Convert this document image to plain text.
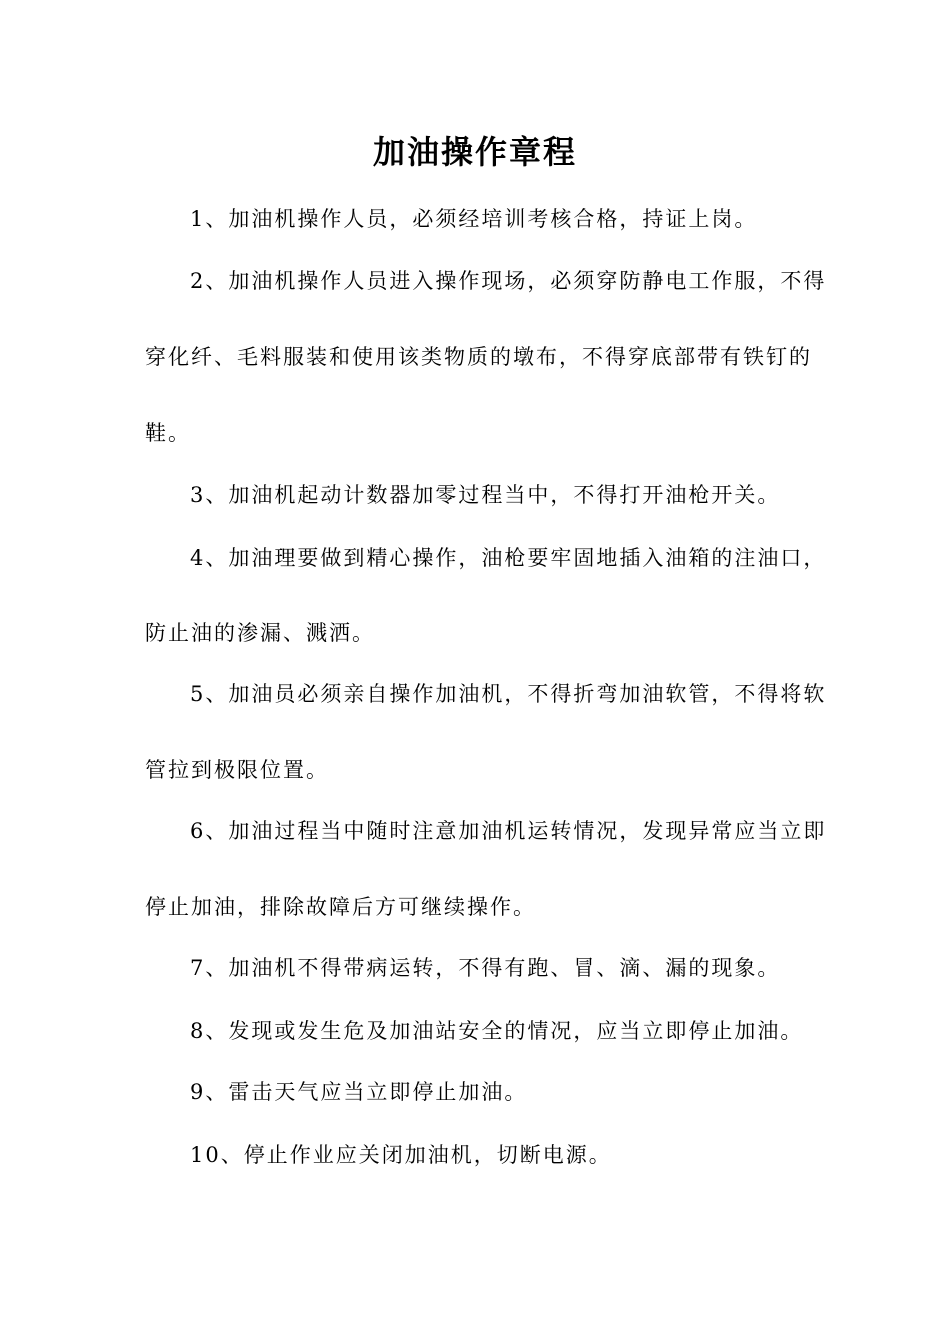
加油操作章程
1、加油机操作人员，必须经培训考核合格，持证上岗。
2、加油机操作人员进入操作现场，必须穿防静电工作服，不得
穿化纤、毛料服装和使用该类物质的墩布，不得穿底部带有铁钉的
鞋。
3、加油机起动计数器加零过程当中，不得打开油枪开关。
4、加油理要做到精心操作，油枪要牢固地插入油箱的注油口，
防止油的渗漏、溅洒。
5、加油员必须亲自操作加油机，不得折弯加油软管，不得将软
管拉到极限位置。
6、加油过程当中随时注意加油机运转情况，发现异常应当立即
停止加油，排除故障后方可继续操作。
7、加油机不得带病运转，不得有跑、冒、滴、漏的现象。
8、发现或发生危及加油站安全的情况，应当立即停止加油。
9、雷击天气应当立即停止加油。
10、停止作业应关闭加油机，切断电源。
